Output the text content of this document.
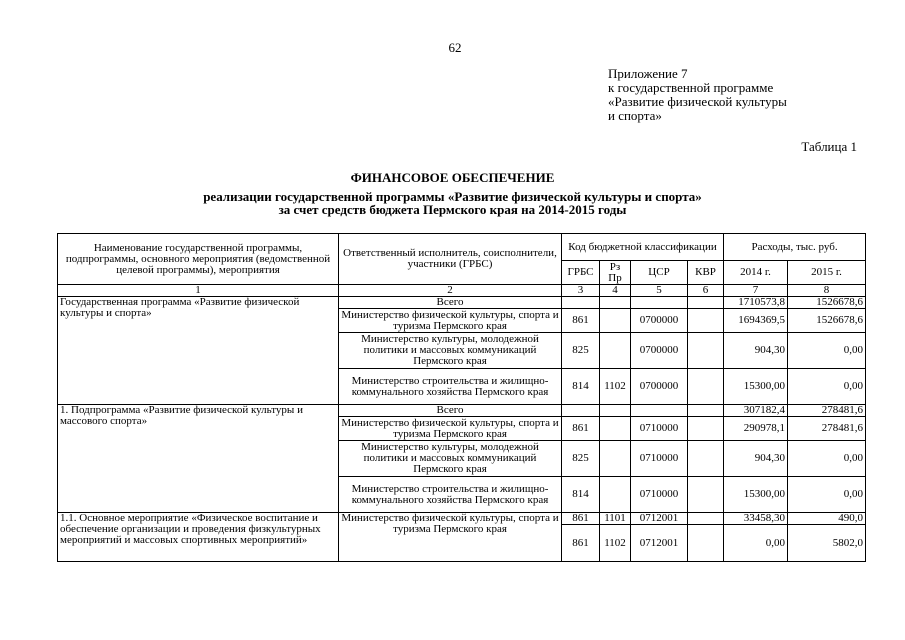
62
Приложение 7
к государственной программе
«Развитие физической культуры
и спорта»
Таблица 1
ФИНАНСОВОЕ ОБЕСПЕЧЕНИЕ
реализации государственной программы «Развитие физической культуры и спорта»
за счет средств бюджета Пермского края на 2014-2015 годы
Наименование государственной программы, подпрограммы, основного мероприятия (ведомственной целевой программы), мероприятия	Ответственный исполнитель, соисполнители, участники (ГРБС)	Код бюджетной классификации				Расходы, тыс. руб.	
		ГРБС	Рз Пр	ЦСР	КВР	2014 г.	2015 г.
1	2	3	4	5	6	7	8
Государственная программа «Развитие физической культуры и спорта»	Всего					1710573,8	1526678,6
	Министерство физической культуры, спорта и туризма Пермского края	861		0700000		1694369,5	1526678,6
	Министерство культуры, молодежной политики и массовых коммуникаций Пермского края	825		0700000		904,30	0,00
	Министерство строительства и жилищно-коммунального хозяйства Пермского края	814	1102	0700000		15300,00	0,00
1. Подпрограмма «Развитие физической культуры и массового спорта»	Всего					307182,4	278481,6
	Министерство физической культуры, спорта и туризма Пермского края	861		0710000		290978,1	278481,6
	Министерство культуры, молодежной политики и массовых коммуникаций Пермского края	825		0710000		904,30	0,00
	Министерство строительства и жилищно-коммунального хозяйства Пермского края	814		0710000		15300,00	0,00
1.1. Основное мероприятие «Физическое воспитание и обеспечение организации и проведения физкультурных мероприятий и массовых спортивных мероприятий»	Министерство физической культуры, спорта и туризма Пермского края	861	1101	0712001		33458,30	490,0
		861	1102	0712001		0,00	5802,0
